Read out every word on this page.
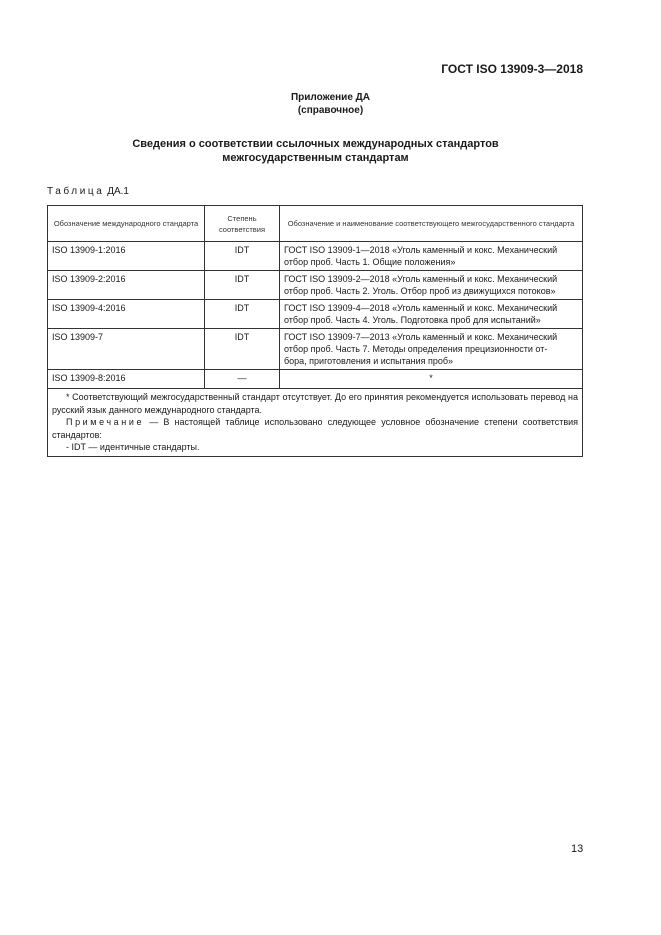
ГОСТ ISO 13909-3—2018
Приложение ДА
(справочное)
Сведения о соответствии ссылочных международных стандартов
межгосударственным стандартам
Таблица ДА.1
Обозначение международного стандарта	Степень соответствия	Обозначение и наименование соответствующего межгосударственного стандарта
ISO 13909-1:2016	IDT	ГОСТ ISO 13909-1—2018 «Уголь каменный и кокс. Механический
отбор проб. Часть 1. Общие положения»

ISO 13909-2:2016	IDT	ГОСТ ISO 13909-2—2018 «Уголь каменный и кокс. Механический
отбор проб. Часть 2. Уголь. Отбор проб из движущихся потоков»

ISO 13909-4:2016	IDT	ГОСТ ISO 13909-4—2018 «Уголь каменный и кокс. Механический
отбор проб. Часть 4. Уголь. Подготовка проб для испытаний»

ISO 13909-7	IDT	ГОСТ ISO 13909-7—2013 «Уголь каменный и кокс. Механический
отбор проб. Часть 7. Методы определения прецизионности от-
бора, приготовления и испытания проб»

ISO 13909-8:2016	—	*

* Соответствующий межгосударственный стандарт отсутствует. До его принятия рекомендуется использовать перевод на русский язык данного международного стандарта.

Примечание — В настоящей таблице использовано следующее условное обозначение степени соответствия стандартов:

- IDT — идентичные стандарты.		

13
